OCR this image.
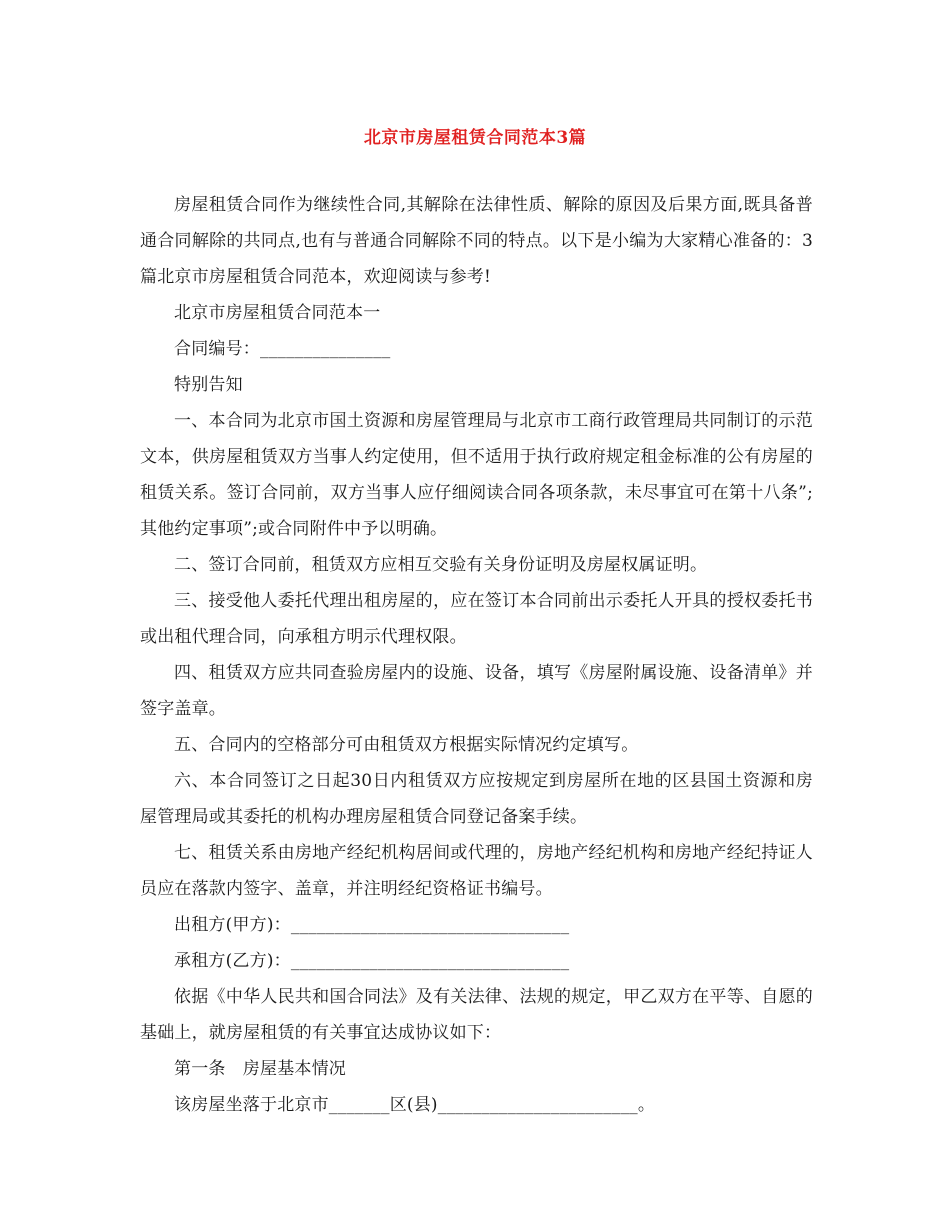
北京市房屋租赁合同范本3篇

房屋租赁合同作为继续性合同,其解除在法律性质、解除的原因及后果方面,既具备普通合同解除的共同点,也有与普通合同解除不同的特点。以下是小编为大家精心准备的：3篇北京市房屋租赁合同范本，欢迎阅读与参考!

北京市房屋租赁合同范本一

合同编号：_______________

特别告知

一、本合同为北京市国土资源和房屋管理局与北京市工商行政管理局共同制订的示范文本，供房屋租赁双方当事人约定使用，但不适用于执行政府规定租金标准的公有房屋的租赁关系。签订合同前，双方当事人应仔细阅读合同各项条款，未尽事宜可在第十八条”;其他约定事项”;或合同附件中予以明确。

二、签订合同前，租赁双方应相互交验有关身份证明及房屋权属证明。

三、接受他人委托代理出租房屋的，应在签订本合同前出示委托人开具的授权委托书或出租代理合同，向承租方明示代理权限。

四、租赁双方应共同查验房屋内的设施、设备，填写《房屋附属设施、设备清单》并签字盖章。

五、合同内的空格部分可由租赁双方根据实际情况约定填写。

六、本合同签订之日起30日内租赁双方应按规定到房屋所在地的区县国土资源和房屋管理局或其委托的机构办理房屋租赁合同登记备案手续。

七、租赁关系由房地产经纪机构居间或代理的，房地产经纪机构和房地产经纪持证人员应在落款内签字、盖章，并注明经纪资格证书编号。

出租方(甲方)：________________________________

承租方(乙方)：________________________________

依据《中华人民共和国合同法》及有关法律、法规的规定，甲乙双方在平等、自愿的基础上，就房屋租赁的有关事宜达成协议如下：

第一条　房屋基本情况

该房屋坐落于北京市_______区(县)_______________________。
